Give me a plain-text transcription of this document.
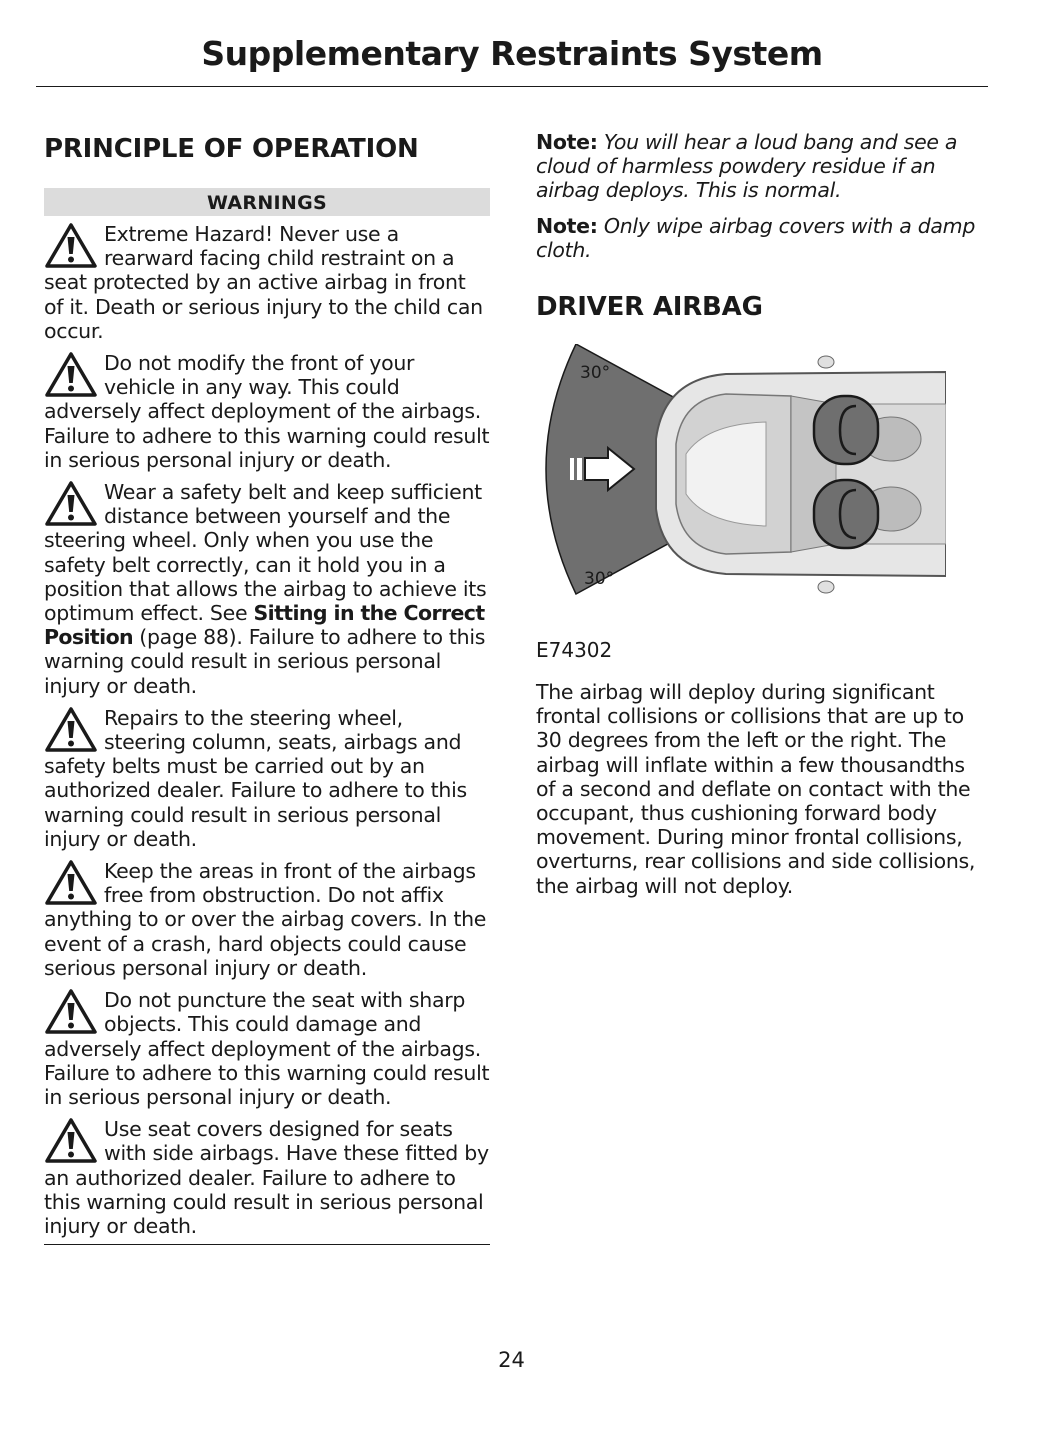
Supplementary Restraints System
PRINCIPLE OF OPERATION
WARNINGS

Extreme Hazard! Never use a rearward facing child restraint on a seat protected by an active airbag in front of it. Death or serious injury to the child can occur.

Do not modify the front of your vehicle in any way. This could adversely affect deployment of the airbags. Failure to adhere to this warning could result in serious personal injury or death.

Wear a safety belt and keep sufficient distance between yourself and the steering wheel. Only when you use the safety belt correctly, can it hold you in a position that allows the airbag to achieve its optimum effect. See Sitting in the Correct Position (page 88). Failure to adhere to this warning could result in serious personal injury or death.

Repairs to the steering wheel, steering column, seats, airbags and safety belts must be carried out by an authorized dealer. Failure to adhere to this warning could result in serious personal injury or death.

Keep the areas in front of the airbags free from obstruction. Do not affix anything to or over the airbag covers. In the event of a crash, hard objects could cause serious personal injury or death.

Do not puncture the seat with sharp objects. This could damage and adversely affect deployment of the airbags. Failure to adhere to this warning could result in serious personal injury or death.

Use seat covers designed for seats with side airbags. Have these fitted by an authorized dealer. Failure to adhere to this warning could result in serious personal injury or death.

Note: You will hear a loud bang and see a cloud of harmless powdery residue if an airbag deploys. This is normal.

Note: Only wipe airbag covers with a damp cloth.

DRIVER AIRBAG
30°
30°
E74302
The airbag will deploy during significant frontal collisions or collisions that are up to 30 degrees from the left or the right. The airbag will inflate within a few thousandths of a second and deflate on contact with the occupant, thus cushioning forward body movement. During minor frontal collisions, overturns, rear collisions and side collisions, the airbag will not deploy.
24
